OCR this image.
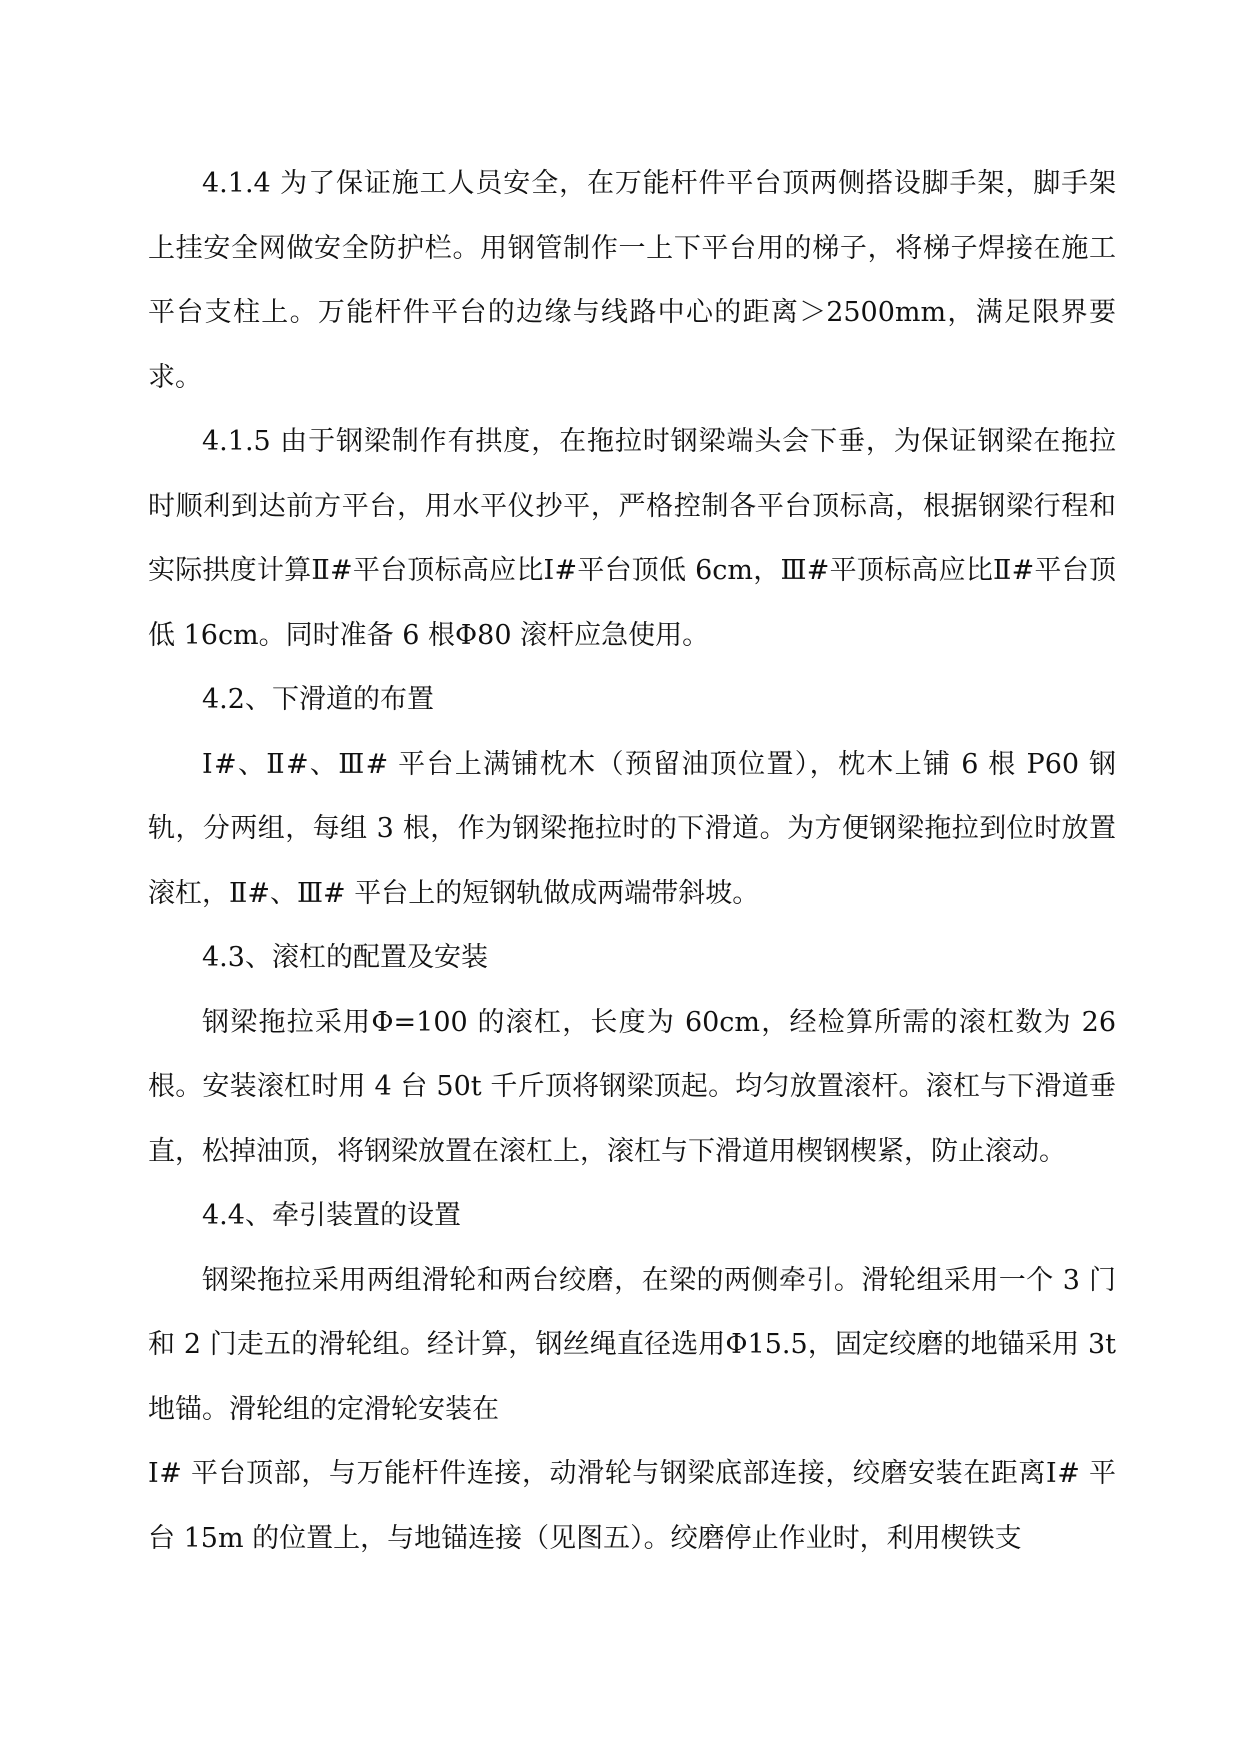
4.1.4 为了保证施工人员安全，在万能杆件平台顶两侧搭设脚手架，脚手架上挂安全网做安全防护栏。用钢管制作一上下平台用的梯子，将梯子焊接在施工平台支柱上。万能杆件平台的边缘与线路中心的距离＞2500mm，满足限界要求。

4.1.5 由于钢梁制作有拱度，在拖拉时钢梁端头会下垂，为保证钢梁在拖拉时顺利到达前方平台，用水平仪抄平，严格控制各平台顶标高，根据钢梁行程和实际拱度计算Ⅱ#平台顶标高应比Ⅰ#平台顶低 6cm，Ⅲ#平顶标高应比Ⅱ#平台顶低 16cm。同时准备 6 根Φ80 滚杆应急使用。

4.2、下滑道的布置

Ⅰ#、Ⅱ#、Ⅲ# 平台上满铺枕木（预留油顶位置），枕木上铺 6 根 P60 钢轨，分两组，每组 3 根，作为钢梁拖拉时的下滑道。为方便钢梁拖拉到位时放置滚杠，Ⅱ#、Ⅲ# 平台上的短钢轨做成两端带斜坡。

4.3、滚杠的配置及安装

钢梁拖拉采用Φ=100 的滚杠，长度为 60cm，经检算所需的滚杠数为 26 根。安装滚杠时用 4 台 50t 千斤顶将钢梁顶起。均匀放置滚杆。滚杠与下滑道垂直，松掉油顶，将钢梁放置在滚杠上，滚杠与下滑道用楔钢楔紧，防止滚动。

4.4、牵引装置的设置

钢梁拖拉采用两组滑轮和两台绞磨，在梁的两侧牵引。滑轮组采用一个 3 门和 2 门走五的滑轮组。经计算，钢丝绳直径选用Φ15.5，固定绞磨的地锚采用 3t 地锚。滑轮组的定滑轮安装在

Ⅰ# 平台顶部，与万能杆件连接，动滑轮与钢梁底部连接，绞磨安装在距离Ⅰ# 平台 15m 的位置上，与地锚连接（见图五）。绞磨停止作业时，利用楔铁支
